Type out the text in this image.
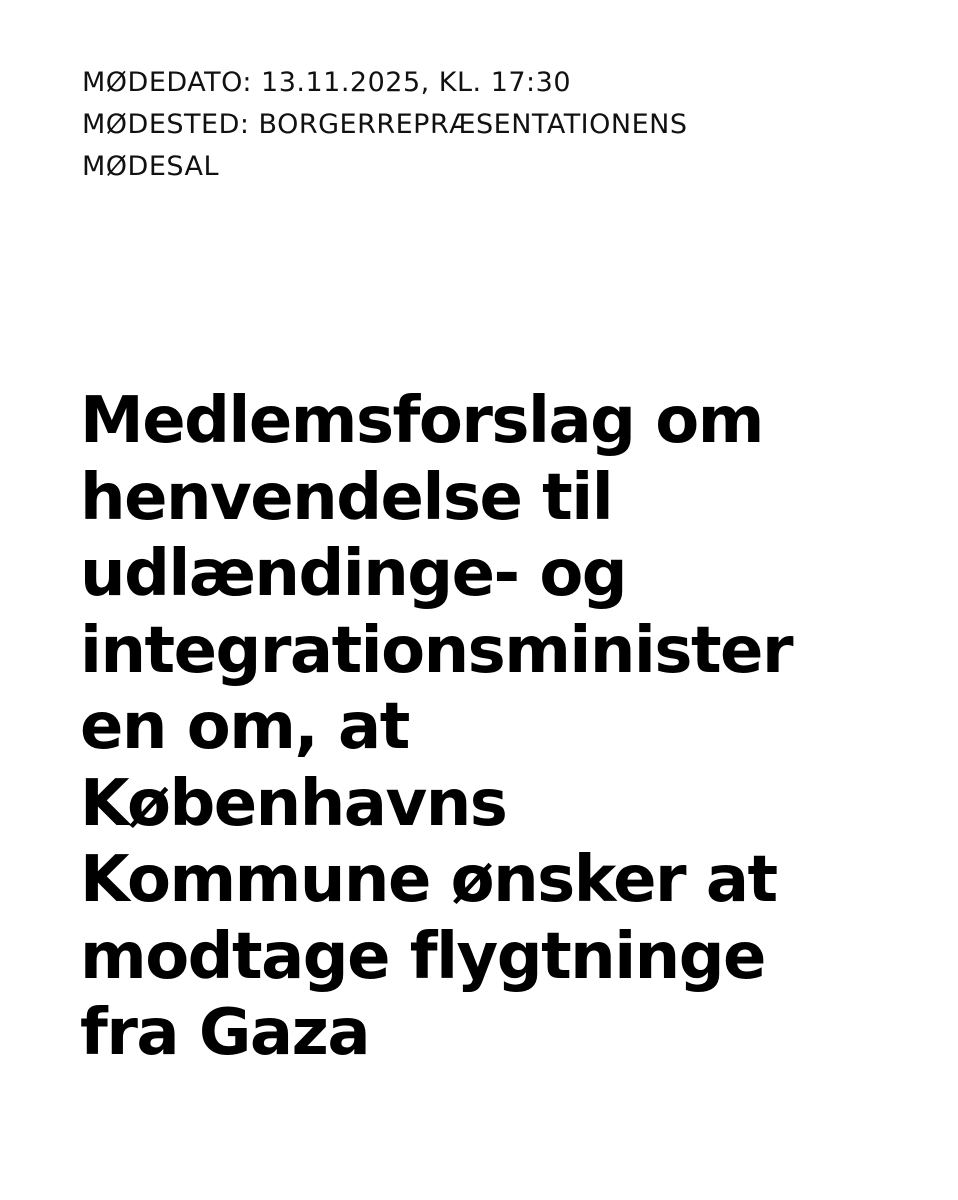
MØDEDATO: 13.11.2025, KL. 17:30
MØDESTED: BORGERREPRÆSENTATIONENS
MØDESAL
Medlemsforslag om
henvendelse til
udlændinge- og
integrationsminister
en om, at
Københavns
Kommune ønsker at
modtage flygtninge
fra Gaza
